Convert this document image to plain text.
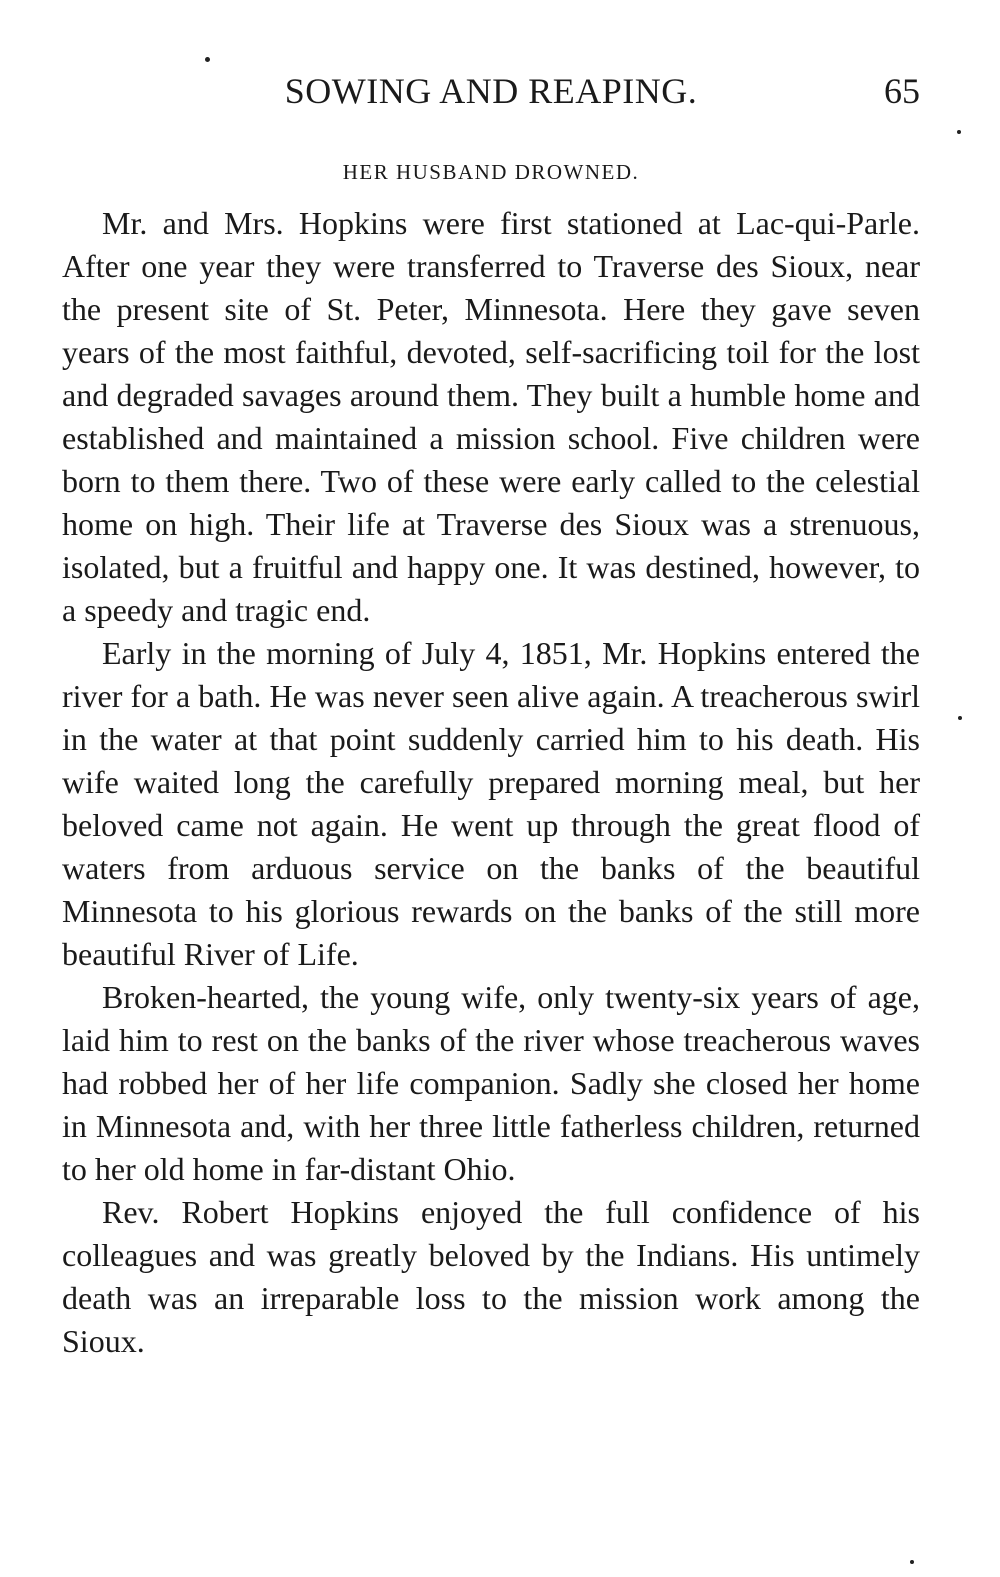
SOWING AND REAPING.	65
HER HUSBAND DROWNED.

Mr. and Mrs. Hopkins were first stationed at Lac-qui-Parle. After one year they were transferred to Traverse des Sioux, near the present site of St. Peter, Minnesota. Here they gave seven years of the most faithful, devoted, self-sacrificing toil for the lost and degraded savages around them. They built a humble home and established and maintained a mission school. Five children were born to them there. Two of these were early called to the celestial home on high. Their life at Traverse des Sioux was a strenuous, isolated, but a fruitful and happy one. It was destined, however, to a speedy and tragic end.

Early in the morning of July 4, 1851, Mr. Hopkins entered the river for a bath. He was never seen alive again. A treacherous swirl in the water at that point suddenly carried him to his death. His wife waited long the carefully prepared morning meal, but her beloved came not again. He went up through the great flood of waters from arduous service on the banks of the beautiful Minnesota to his glorious rewards on the banks of the still more beautiful River of Life.

Broken-hearted, the young wife, only twenty-six years of age, laid him to rest on the banks of the river whose treacherous waves had robbed her of her life companion. Sadly she closed her home in Minnesota and, with her three little fatherless children, returned to her old home in far-distant Ohio.

Rev. Robert Hopkins enjoyed the full confidence of his colleagues and was greatly beloved by the Indians. His untimely death was an irreparable loss to the mission work among the Sioux.
